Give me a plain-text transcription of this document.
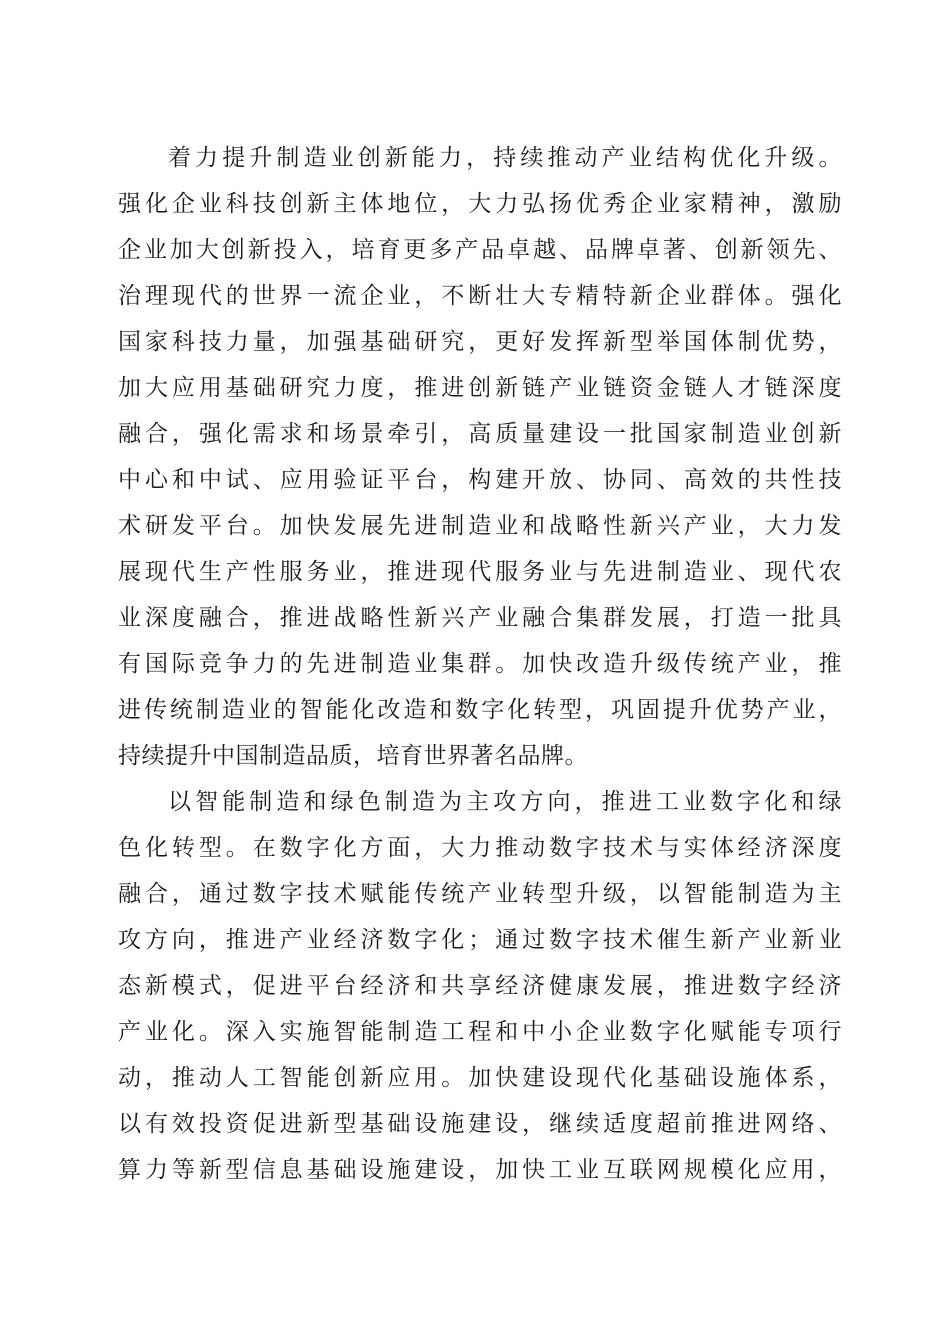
着力提升制造业创新能力，持续推动产业结构优化升级。
强化企业科技创新主体地位，大力弘扬优秀企业家精神，激励
企业加大创新投入，培育更多产品卓越、品牌卓著、创新领先、
治理现代的世界一流企业，不断壮大专精特新企业群体。强化
国家科技力量，加强基础研究，更好发挥新型举国体制优势，
加大应用基础研究力度，推进创新链产业链资金链人才链深度
融合，强化需求和场景牵引，高质量建设一批国家制造业创新
中心和中试、应用验证平台，构建开放、协同、高效的共性技
术研发平台。加快发展先进制造业和战略性新兴产业，大力发
展现代生产性服务业，推进现代服务业与先进制造业、现代农
业深度融合，推进战略性新兴产业融合集群发展，打造一批具
有国际竞争力的先进制造业集群。加快改造升级传统产业，推
进传统制造业的智能化改造和数字化转型，巩固提升优势产业，
持续提升中国制造品质，培育世界著名品牌。
以智能制造和绿色制造为主攻方向，推进工业数字化和绿
色化转型。在数字化方面，大力推动数字技术与实体经济深度
融合，通过数字技术赋能传统产业转型升级，以智能制造为主
攻方向，推进产业经济数字化；通过数字技术催生新产业新业
态新模式，促进平台经济和共享经济健康发展，推进数字经济
产业化。深入实施智能制造工程和中小企业数字化赋能专项行
动，推动人工智能创新应用。加快建设现代化基础设施体系，
以有效投资促进新型基础设施建设，继续适度超前推进网络、
算力等新型信息基础设施建设，加快工业互联网规模化应用，
